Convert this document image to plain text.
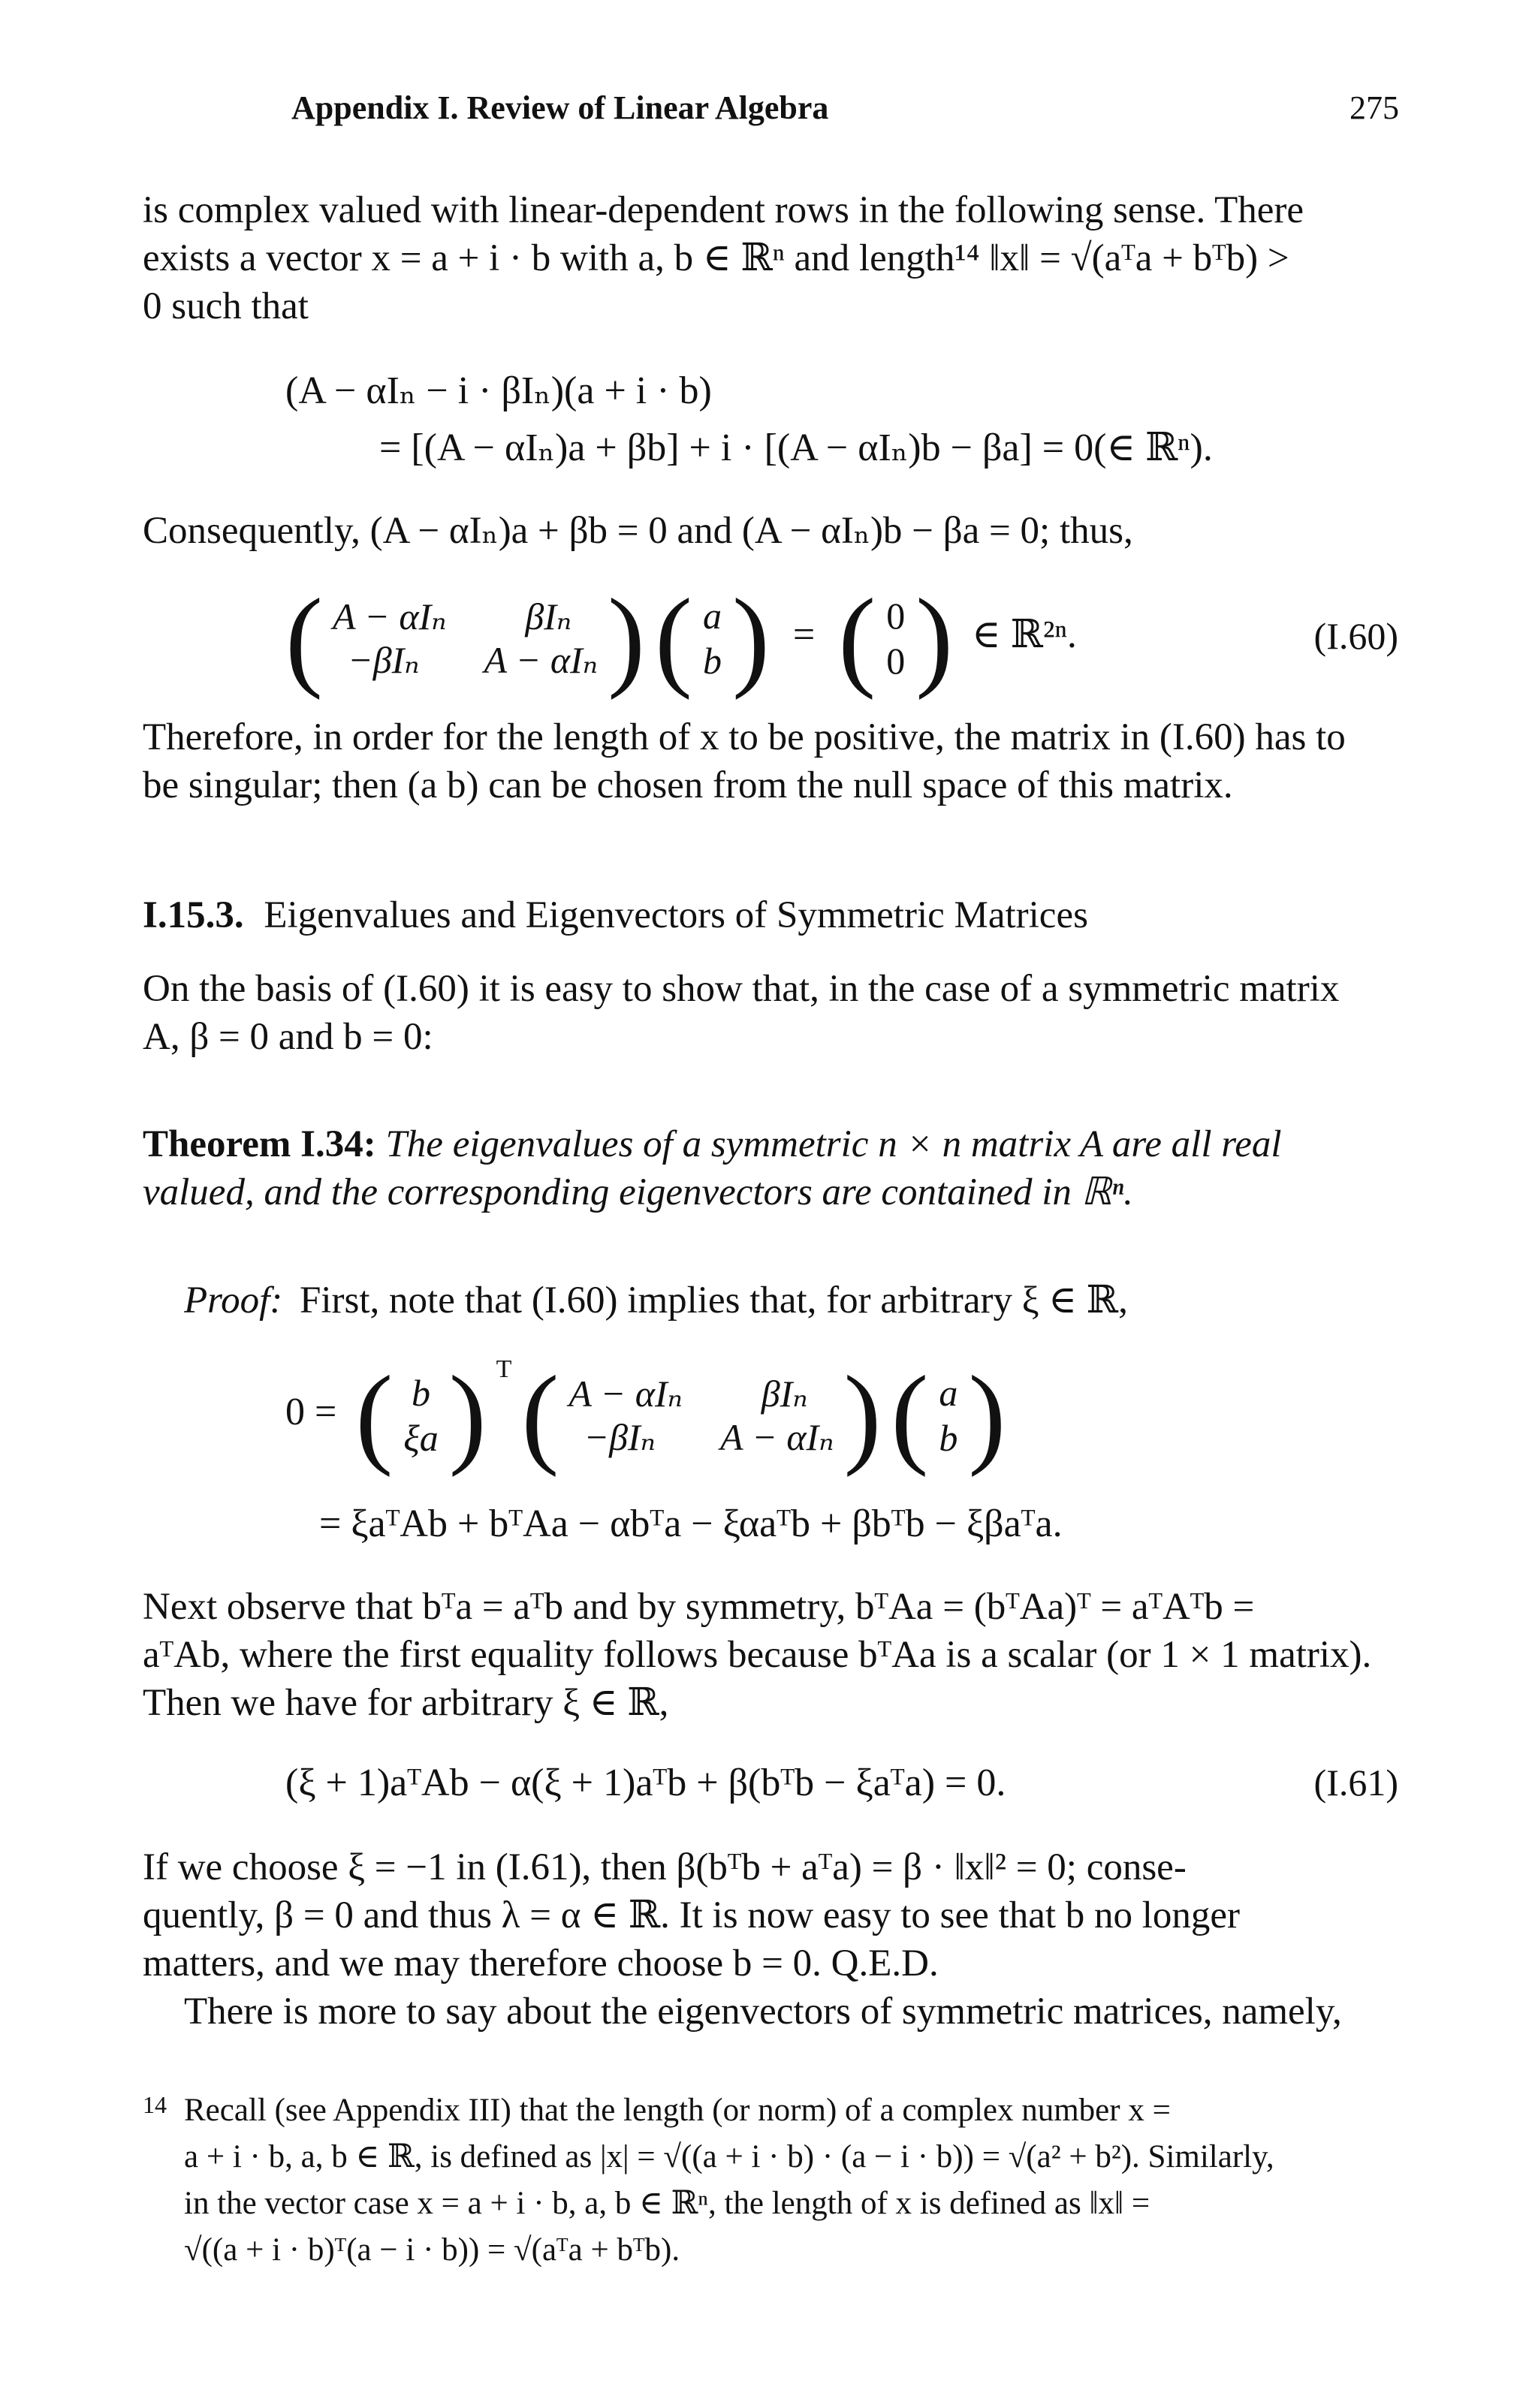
Appendix I. Review of Linear Algebra	275
is complex valued with linear-dependent rows in the following sense. There
exists a vector x = a + i · b with a, b ∈ ℝⁿ and length¹⁴ ‖x‖ = √(aᵀa + bᵀb) >
0 such that
(A − αIₙ − i · βIₙ)(a + i · b)
= [(A − αIₙ)a + βb] + i · [(A − αIₙ)b − βa] = 0(∈ ℝⁿ).
Consequently, (A − αIₙ)a + βb = 0 and (A − αIₙ)b − βa = 0; thus,
( A − αIₙ	βIₙ
−βIₙ	A − αIₙ ) ( a
b ) = ( 0
0 ) ∈ ℝ²ⁿ.	(I.60)
Therefore, in order for the length of x to be positive, the matrix in (I.60) has to
be singular; then (a b) can be chosen from the null space of this matrix.
I.15.3. Eigenvalues and Eigenvectors of Symmetric Matrices
On the basis of (I.60) it is easy to show that, in the case of a symmetric matrix
A, β = 0 and b = 0:
Theorem I.34: The eigenvalues of a symmetric n × n matrix A are all real
valued, and the corresponding eigenvectors are contained in ℝⁿ.
Proof: First, note that (I.60) implies that, for arbitrary ξ ∈ ℝ,
0 = ( b
ξa ) $^T$ ( A − αIₙ	βIₙ
−βIₙ	A − αIₙ ) ( a
b )
= ξaᵀAb + bᵀAa − αbᵀa − ξαaᵀb + βbᵀb − ξβaᵀa.
Next observe that bᵀa = aᵀb and by symmetry, bᵀAa = (bᵀAa)ᵀ = aᵀAᵀb =
aᵀAb, where the first equality follows because bᵀAa is a scalar (or 1 × 1 matrix).
Then we have for arbitrary ξ ∈ ℝ,
(ξ + 1)aᵀAb − α(ξ + 1)aᵀb + β(bᵀb − ξaᵀa) = 0.	(I.61)
If we choose ξ = −1 in (I.61), then β(bᵀb + aᵀa) = β · ‖x‖² = 0; conse-
quently, β = 0 and thus λ = α ∈ ℝ. It is now easy to see that b no longer
matters, and we may therefore choose b = 0. Q.E.D.
There is more to say about the eigenvectors of symmetric matrices, namely,
14 Recall (see Appendix III) that the length (or norm) of a complex number x =
a + i · b, a, b ∈ ℝ, is defined as |x| = √((a + i · b) · (a − i · b)) = √(a² + b²). Similarly,
in the vector case x = a + i · b, a, b ∈ ℝⁿ, the length of x is defined as ‖x‖ =
√((a + i · b)ᵀ(a − i · b)) = √(aᵀa + bᵀb).
